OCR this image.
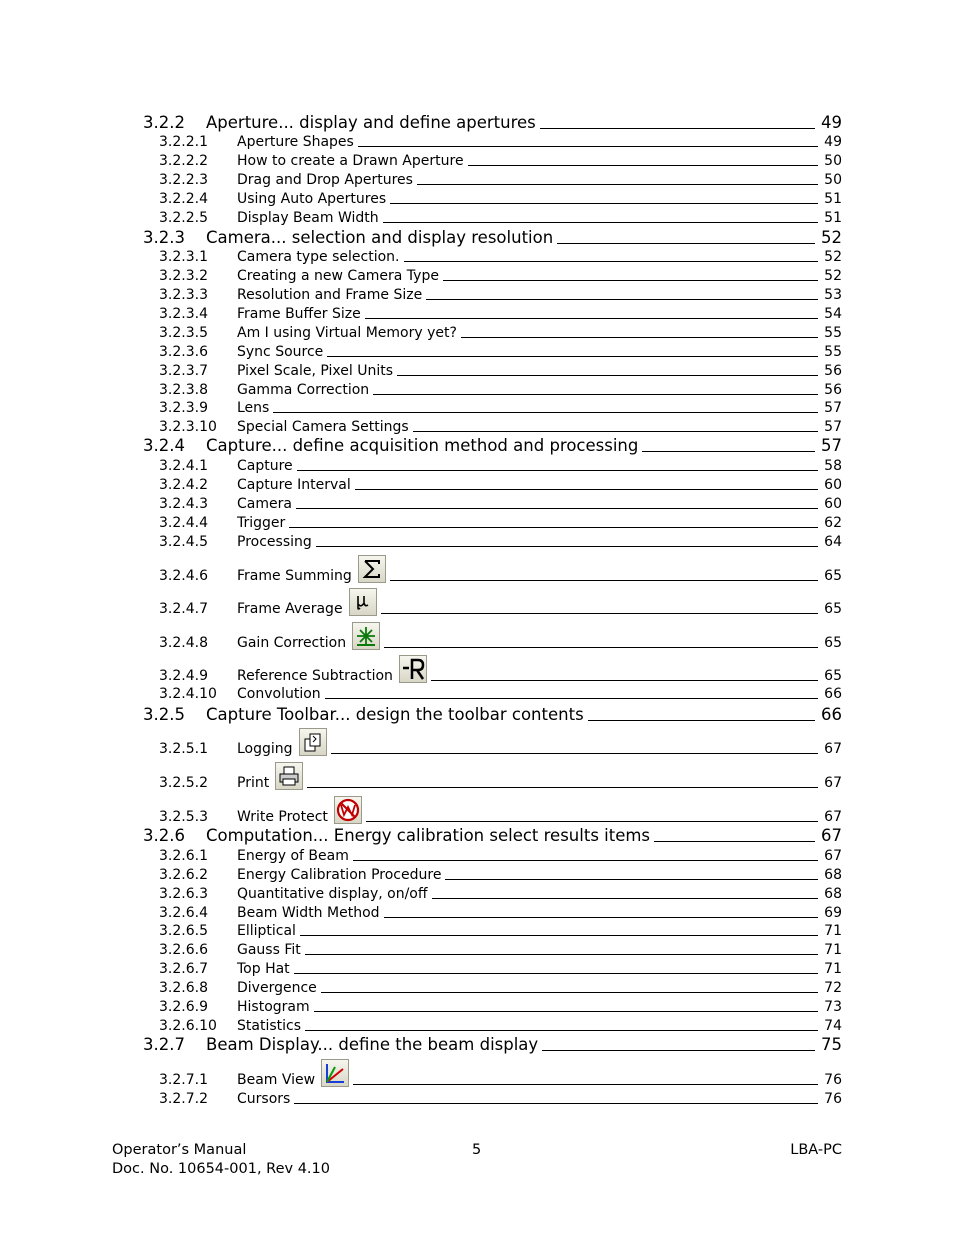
3.2.2 Aperture... display and define apertures	49
3.2.2.1 Aperture Shapes	49
3.2.2.2 How to create a Drawn Aperture	50
3.2.2.3 Drag and Drop Apertures	50
3.2.2.4 Using Auto Apertures	51
3.2.2.5 Display Beam Width	51
3.2.3 Camera... selection and display resolution	52
3.2.3.1 Camera type selection.	52
3.2.3.2 Creating a new Camera Type	52
3.2.3.3 Resolution and Frame Size	53
3.2.3.4 Frame Buffer Size	54
3.2.3.5 Am I using Virtual Memory yet?	55
3.2.3.6 Sync Source	55
3.2.3.7 Pixel Scale, Pixel Units	56
3.2.3.8 Gamma Correction	56
3.2.3.9 Lens	57
3.2.3.10 Special Camera Settings	57
3.2.4 Capture... define acquisition method and processing	57
3.2.4.1 Capture	58
3.2.4.2 Capture Interval	60
3.2.4.3 Camera	60
3.2.4.4 Trigger	62
3.2.4.5 Processing	64
3.2.4.6 Frame Summing	65
3.2.4.7 Frame Average	65
3.2.4.8 Gain Correction	65
3.2.4.9 Reference Subtraction	65
3.2.4.10 Convolution	66
3.2.5 Capture Toolbar... design the toolbar contents	66
3.2.5.1 Logging	67
3.2.5.2 Print	67
3.2.5.3 Write Protect	67
3.2.6 Computation... Energy calibration select results items	67
3.2.6.1 Energy of Beam	67
3.2.6.2 Energy Calibration Procedure	68
3.2.6.3 Quantitative display, on/off	68
3.2.6.4 Beam Width Method	69
3.2.6.5 Elliptical	71
3.2.6.6 Gauss Fit	71
3.2.6.7 Top Hat	71
3.2.6.8 Divergence	72
3.2.6.9 Histogram	73
3.2.6.10 Statistics	74
3.2.7 Beam Display... define the beam display	75
3.2.7.1 Beam View	76
3.2.7.2 Cursors	76
Operator’s Manual
Doc. No. 10654-001, Rev 4.10
5	LBA-PC
